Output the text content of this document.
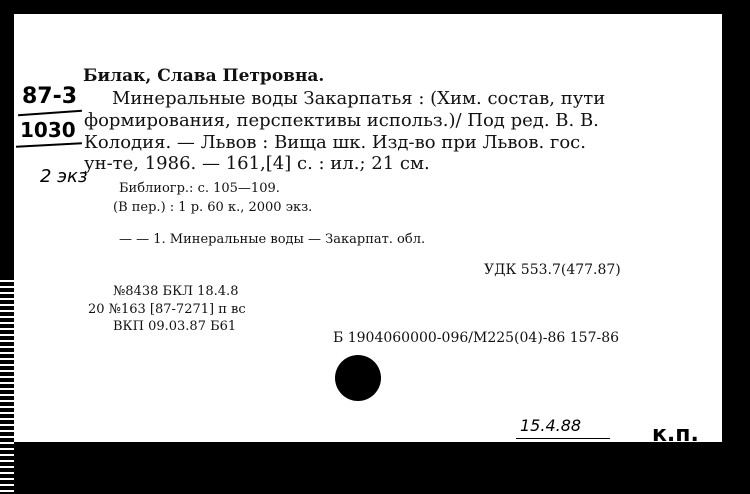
Билак, Слава Петровна.
Минеральные воды Закарпатья : (Хим. состав, пути
формирования, перспективы использ.)/ Под ред. В. В.
Колодия. — Львов : Вища шк. Изд-во при Львов. гос.
ун-те, 1986. — 161,[4] с. : ил.; 21 см.
Библиогр.: с. 105—109.
(В пер.) : 1 р. 60 к., 2000 экз.
— — 1. Минеральные воды — Закарпат. обл.
УДК 553.7(477.87)
№8438 БКЛ 18.4.8
20 №163 [87-7271] п вс
ВКП 09.03.87 Б61
Б 1904060000-096/М225(04)-86 157-86
87-3
1030
2 экз
15.4.88	к.п.
